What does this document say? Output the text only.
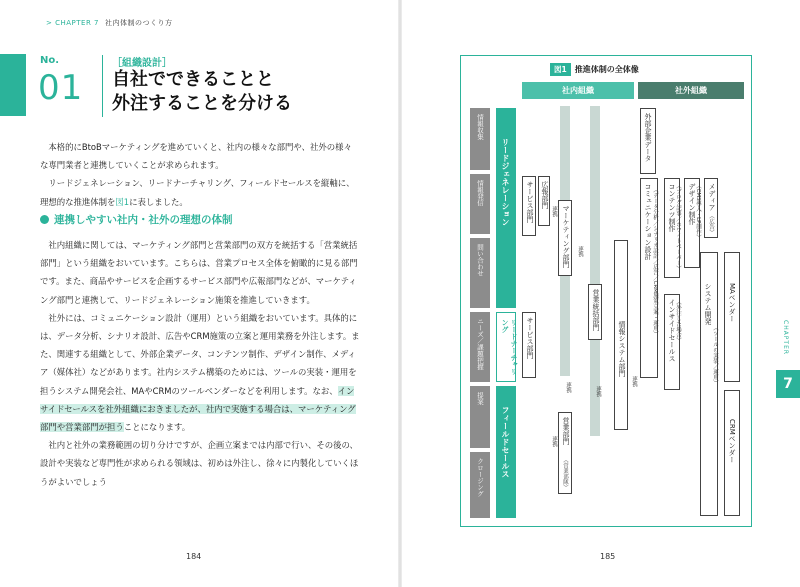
> CHAPTER 7 社内体制のつくり方
No.
01
［組織設計］
自社でできることと
外注することを分ける

本格的にBtoBマーケティングを進めていくと、社内の様々な部門や、社外の様々な専門業者と連携していくことが求められます。

リードジェネレーション、リードナーチャリング、フィールドセールスを縦軸に、理想的な推進体制を図1に表しました。

連携しやすい社内・社外の理想の体制

社内組織に関しては、マーケティング部門と営業部門の双方を統括する「営業統括部門」という組織をおいています。こちらは、営業プロセス全体を俯瞰的に見る部門です。また、商品やサービスを企画するサービス部門や広報部門などが、マーケティング部門と連携して、リードジェネレーション施策を推進していきます。

社外には、コミュニケーション設計（運用）という組織をおいています。具体的には、データ分析、シナリオ設計、広告やCRM施策の立案と運用業務を外注します。また、関連する組織として、外部企業データ、コンテンツ制作、デザイン制作、メディア（媒体社）などがあります。社内システム構築のためには、ツールの実装・運用を担うシステム開発会社、MAやCRMのツールベンダーなどを利用します。なお、インサイドセールスを社外組織におきましたが、社内で実施する場合は、マーケティング部門や営業部門が担うことになります。

社内と社外の業務範囲の切り分けですが、企画立案までは内部で行い、その後の、設計や実装など専門性が求められる領域は、初めは外注し、徐々に内製化していくほうがよいでしょう

184
図1	推進体制の全体像
社内組織	社外組織
情報収集
情報発信
問い合わせ
ニーズ／課題把握
提案
クロージング
リードジェネレーション
リードナーチャリング
フィールドセールス
サービス部門 広報部門
連携 マーケティング部門 連携
営業統括部門
サービス部門
連携	連携
連携 営業部門
（営業部隊）
情報システム部門
連携
外部企業データ
コミュニケーション設計 （データ分析／シナリオ設計／広告／CRM施策立案・運用） コンテンツ制作 （ブログ記事／ホワイトペーパー） デザイン制作 （CMS導入・LP制作） メディア
（広告）
インサイドセールス （外注した場合）	システム開発
（ツールの実装／運用）
MAベンダー
CRMベンダー
CHAPTER
7
185
